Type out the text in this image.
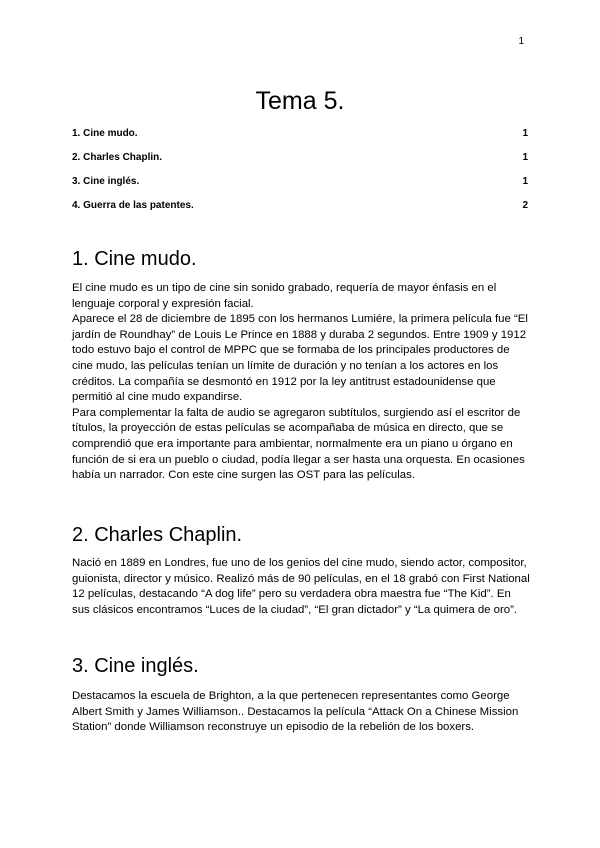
1
Tema 5.
1. Cine mudo.	1
2. Charles Chaplin.	1
3. Cine inglés.	1
4. Guerra de las patentes.	2
1. Cine mudo.

El cine mudo es un tipo de cine sin sonido grabado, requería de mayor énfasis en el lenguaje corporal y expresión facial.

Aparece el 28 de diciembre de 1895 con los hermanos Lumiére, la primera película fue “El jardín de Roundhay” de Louis Le Prince en 1888 y duraba 2 segundos. Entre 1909 y 1912 todo estuvo bajo el control de MPPC que se formaba de los principales productores de cine mudo, las películas tenían un límite de duración y no tenían a los actores en los créditos. La compañía se desmontó en 1912 por la ley antitrust estadounidense que permitió al cine mudo expandirse.

Para complementar la falta de audio se agregaron subtítulos, surgiendo así el escritor de títulos, la proyección de estas películas se acompañaba de música en directo, que se comprendió que era importante para ambientar, normalmente era un piano u órgano en función de si era un pueblo o ciudad, podía llegar a ser hasta una orquesta. En ocasiones había un narrador. Con este cine surgen las OST para las películas.

2. Charles Chaplin.

Nació en 1889 en Londres, fue uno de los genios del cine mudo, siendo actor, compositor, guionista, director y músico. Realizó más de 90 películas, en el 18 grabó con First National 12 películas, destacando “A dog life” pero su verdadera obra maestra fue “The Kid”. En sus clásicos encontramos “Luces de la ciudad”, “El gran dictador” y “La quimera de oro”.

3. Cine inglés.

Destacamos la escuela de Brighton, a la que pertenecen representantes como George Albert Smith y James Williamson.. Destacamos la película “Attack On a Chinese Mission Station” donde Williamson reconstruye un episodio de la rebelión de los boxers.
